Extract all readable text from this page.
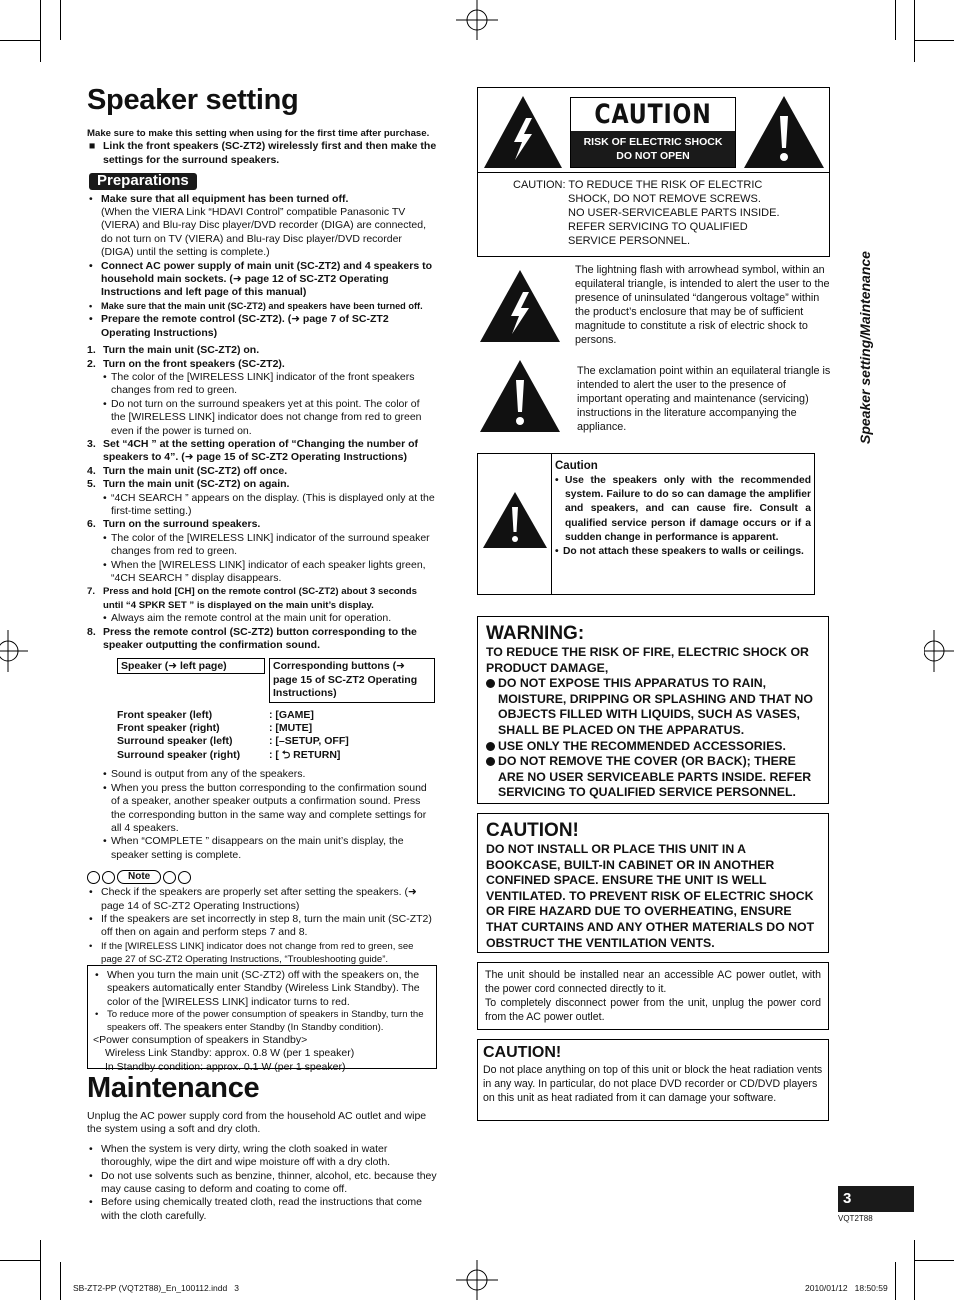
Speaker setting

Make sure to make this setting when using for the first time after purchase.

■ Link the front speakers (SC-ZT2) wirelessly first and then make the settings for the surround speakers.

Preparations

• Make sure that all equipment has been turned off.
(When the VIERA Link “HDAVI Control” compatible Panasonic TV (VIERA) and Blu-ray Disc player/DVD recorder (DIGA) are connected, do not turn on TV (VIERA) and Blu-ray Disc player/DVD recorder (DIGA) until the setting is complete.)

• Connect AC power supply of main unit (SC-ZT2) and 4 speakers to household main sockets. (➜ page 12 of SC-ZT2 Operating Instructions and left page of this manual)

• Make sure that the main unit (SC-ZT2) and speakers have been turned off.

• Prepare the remote control (SC-ZT2). (➜ page 7 of SC-ZT2 Operating Instructions)

1. Turn the main unit (SC-ZT2) on.

2. Turn on the front speakers (SC-ZT2).

• The color of the [WIRELESS LINK] indicator of the front speakers changes from red to green.

• Do not turn on the surround speakers yet at this point. The color of the [WIRELESS LINK] indicator does not change from red to green even if the power is turned on.

3. Set “4CH ” at the setting operation of “Changing the number of speakers to 4”. (➜ page 15 of SC-ZT2 Operating Instructions)

4. Turn the main unit (SC-ZT2) off once.

5. Turn the main unit (SC-ZT2) on again.

• “4CH SEARCH ” appears on the display. (This is displayed only at the first-time setting.)

6. Turn on the surround speakers.

• The color of the [WIRELESS LINK] indicator of the surround speaker changes from red to green.

• When the [WIRELESS LINK] indicator of each speaker lights green, “4CH SEARCH ” display disappears.

7. Press and hold [CH] on the remote control (SC-ZT2) about 3 seconds until “4 SPKR SET ” is displayed on the main unit’s display.

• Always aim the remote control at the main unit for operation.

8. Press the remote control (SC-ZT2) button corresponding to the speaker outputting the confirmation sound.

Speaker (➜ left page)	Corresponding buttons (➜ page 15 of SC-ZT2 Operating Instructions)
Front speaker (left)	: [GAME]
Front speaker (right)	: [MUTE]
Surround speaker (left)	: [–SETUP, OFF]
Surround speaker (right)	: [ ⮌ RETURN]

• Sound is output from any of the speakers.

• When you press the button corresponding to the confirmation sound of a speaker, another speaker outputs a confirmation sound. Press the corresponding button in the same way and complete settings for all 4 speakers.

• When “COMPLETE ” disappears on the main unit’s display, the speaker setting is complete.

Note

• Check if the speakers are properly set after setting the speakers. (➜ page 14 of SC-ZT2 Operating Instructions)

• If the speakers are set incorrectly in step 8, turn the main unit (SC-ZT2) off then on again and perform steps 7 and 8.

• If the [WIRELESS LINK] indicator does not change from red to green, see page 27 of SC-ZT2 Operating Instructions, “Troubleshooting guide”.

• When you turn the main unit (SC-ZT2) off with the speakers on, the speakers automatically enter Standby (Wireless Link Standby). The color of the [WIRELESS LINK] indicator turns to red.

• To reduce more of the power consumption of speakers in Standby, turn the speakers off. The speakers enter Standby (In Standby condition).

<Power consumption of speakers in Standby>

Wireless Link Standby: approx. 0.8 W (per 1 speaker)

In Standby condition: approx. 0.1 W (per 1 speaker)

Maintenance

Unplug the AC power supply cord from the household AC outlet and wipe the system using a soft and dry cloth.

• When the system is very dirty, wring the cloth soaked in water thoroughly, wipe the dirt and wipe moisture off with a dry cloth.

• Do not use solvents such as benzine, thinner, alcohol, etc. because they may cause casing to deform and coating to come off.

• Before using chemically treated cloth, read the instructions that come with the cloth carefully.

CAUTION
RISK OF ELECTRIC SHOCK
DO NOT OPEN
CAUTION: TO REDUCE THE RISK OF ELECTRIC
SHOCK, DO NOT REMOVE SCREWS.
NO USER-SERVICEABLE PARTS INSIDE.
REFER SERVICING TO QUALIFIED
SERVICE PERSONNEL.
The lightning flash with arrowhead symbol, within an equilateral triangle, is intended to alert the user to the presence of uninsulated “dangerous voltage” within the product’s enclosure that may be of sufficient magnitude to constitute a risk of electric shock to persons.
The exclamation point within an equilateral triangle is intended to alert the user to the presence of important operating and maintenance (servicing) instructions in the literature accompanying the appliance.
Caution

• Use the speakers only with the recommended system. Failure to do so can damage the amplifier and speakers, and can cause fire. Consult a qualified service person if damage occurs or if a sudden change in performance is apparent.

• Do not attach these speakers to walls or ceilings.

WARNING:
TO REDUCE THE RISK OF FIRE, ELECTRIC SHOCK OR PRODUCT DAMAGE,
DO NOT EXPOSE THIS APPARATUS TO RAIN, MOISTURE, DRIPPING OR SPLASHING AND THAT NO OBJECTS FILLED WITH LIQUIDS, SUCH AS VASES, SHALL BE PLACED ON THE APPARATUS.
USE ONLY THE RECOMMENDED ACCESSORIES.
DO NOT REMOVE THE COVER (OR BACK); THERE ARE NO USER SERVICEABLE PARTS INSIDE. REFER SERVICING TO QUALIFIED SERVICE PERSONNEL.
CAUTION!
DO NOT INSTALL OR PLACE THIS UNIT IN A BOOKCASE, BUILT-IN CABINET OR IN ANOTHER CONFINED SPACE. ENSURE THE UNIT IS WELL VENTILATED. TO PREVENT RISK OF ELECTRIC SHOCK OR FIRE HAZARD DUE TO OVERHEATING, ENSURE THAT CURTAINS AND ANY OTHER MATERIALS DO NOT OBSTRUCT THE VENTILATION VENTS.

The unit should be installed near an accessible AC power outlet, with the power cord connected directly to it.

To completely disconnect power from the unit, unplug the power cord from the AC power outlet.

CAUTION!
Do not place anything on top of this unit or block the heat radiation vents in any way. In particular, do not place DVD recorder or CD/DVD players on this unit as heat radiated from it can damage your software.
Speaker setting/Maintenance
3
VQT2T88
SB-ZT2-PP (VQT2T88)_En_100112.indd   3	2010/01/12   18:50:59
